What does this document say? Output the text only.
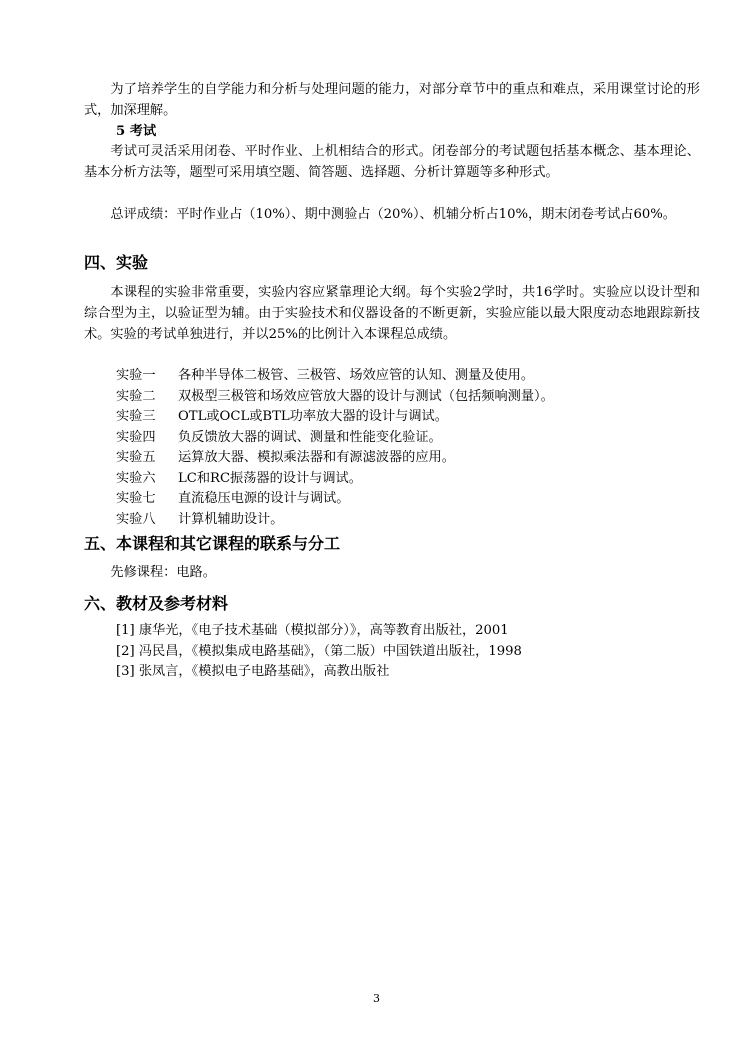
为了培养学生的自学能力和分析与处理问题的能力，对部分章节中的重点和难点，采用课堂讨论的形式，加深理解。

5 考试

考试可灵活采用闭卷、平时作业、上机相结合的形式。闭卷部分的考试题包括基本概念、基本理论、基本分析方法等，题型可采用填空题、简答题、选择题、分析计算题等多种形式。

总评成绩：平时作业占（10%）、期中测验占（20%）、机辅分析占10%，期末闭卷考试占60%。

四、实验

本课程的实验非常重要，实验内容应紧靠理论大纲。每个实验2学时，共16学时。实验应以设计型和综合型为主，以验证型为辅。由于实验技术和仪器设备的不断更新，实验应能以最大限度动态地跟踪新技术。实验的考试单独进行，并以25%的比例计入本课程总成绩。

实验一	各种半导体二极管、三极管、场效应管的认知、测量及使用。
实验二	双极型三极管和场效应管放大器的设计与测试（包括频响测量）。
实验三	OTL或OCL或BTL功率放大器的设计与调试。
实验四	负反馈放大器的调试、测量和性能变化验证。
实验五	运算放大器、模拟乘法器和有源滤波器的应用。
实验六	LC和RC振荡器的设计与调试。
实验七	直流稳压电源的设计与调试。
实验八	计算机辅助设计。
五、本课程和其它课程的联系与分工

先修课程：电路。

六、教材及参考材料
[1] 康华光，《电子技术基础（模拟部分）》，高等教育出版社，2001
[2] 冯民昌，《模拟集成电路基础》，（第二版）中国铁道出版社，1998
[3] 张凤言，《模拟电子电路基础》，高教出版社

3
